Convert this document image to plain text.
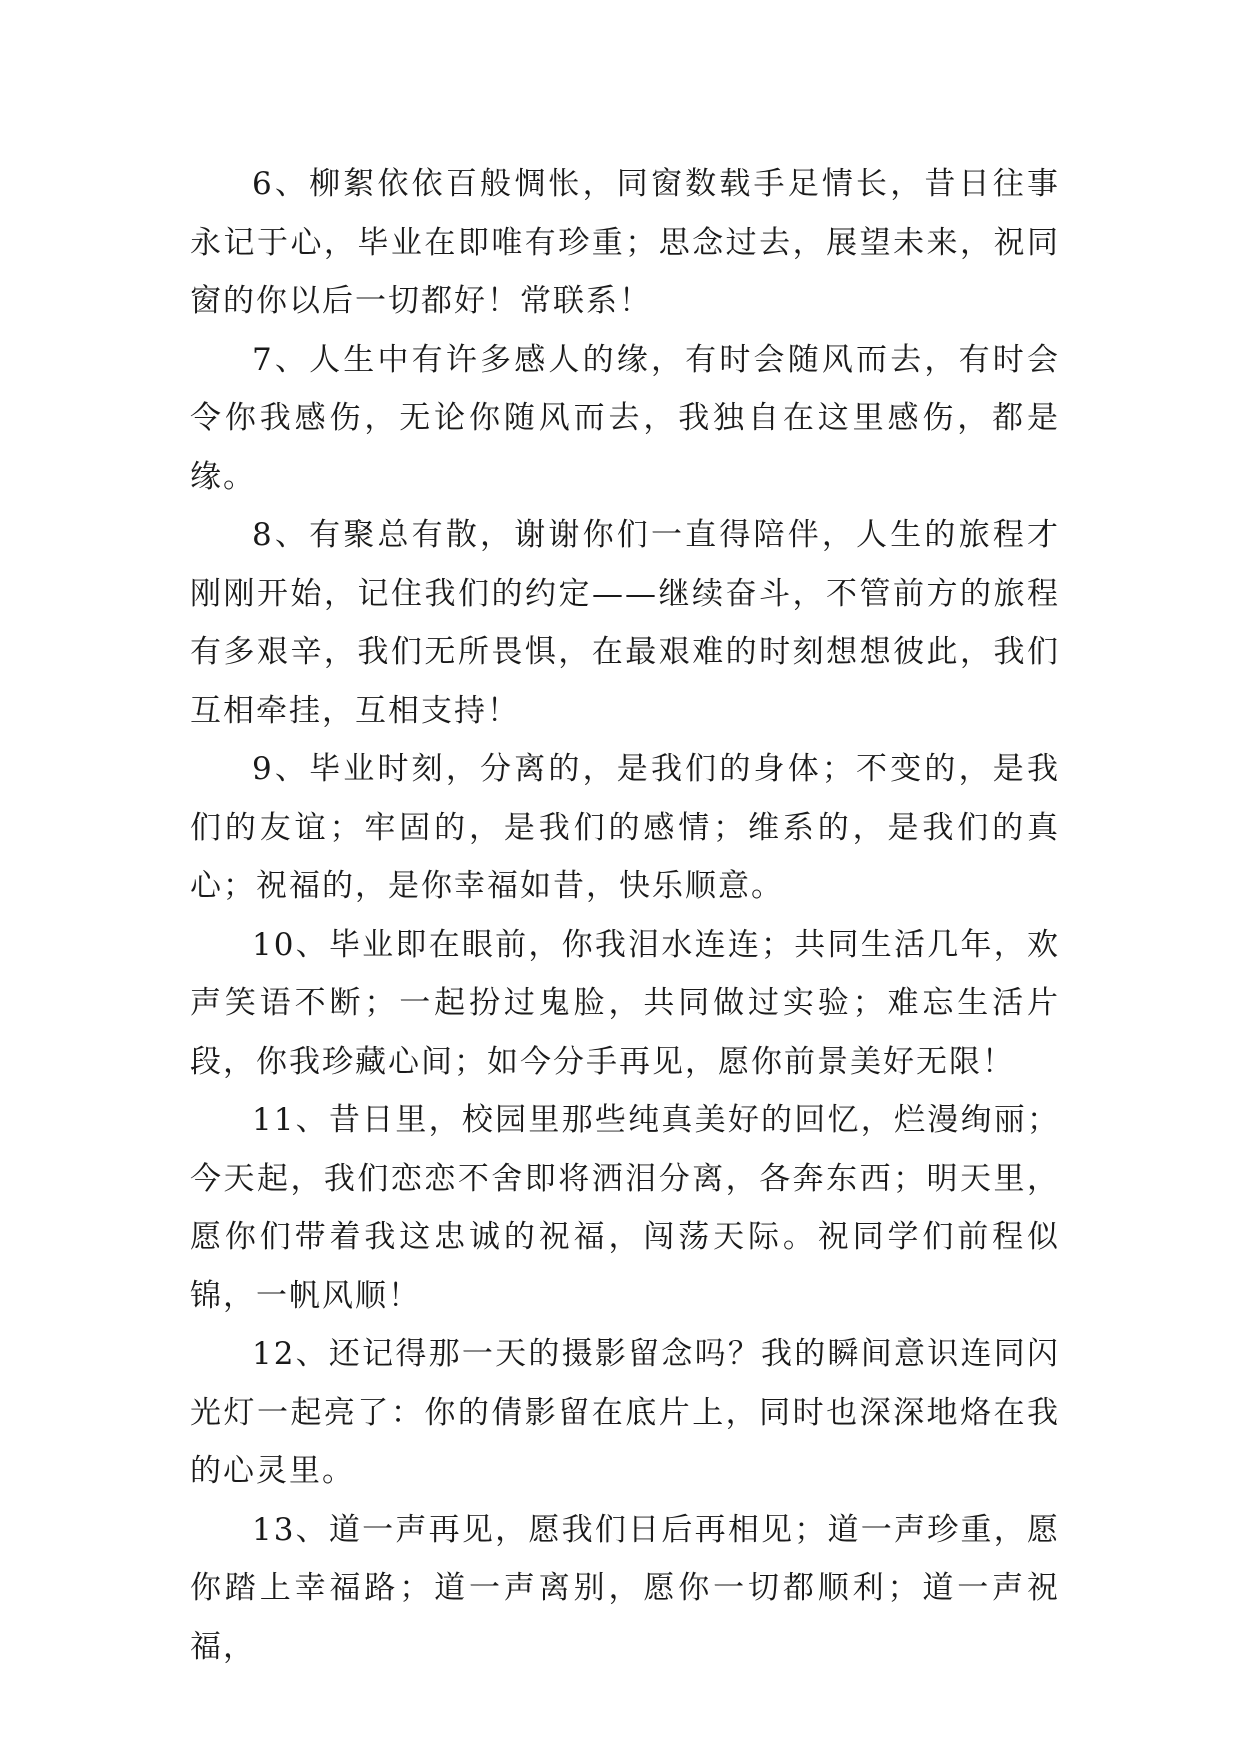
6、柳絮依依百般惆怅，同窗数载手足情长，昔日往事永记于心，毕业在即唯有珍重；思念过去，展望未来，祝同窗的你以后一切都好！常联系！

7、人生中有许多感人的缘，有时会随风而去，有时会令你我感伤，无论你随风而去，我独自在这里感伤，都是缘。

8、有聚总有散，谢谢你们一直得陪伴，人生的旅程才刚刚开始，记住我们的约定——继续奋斗，不管前方的旅程有多艰辛，我们无所畏惧，在最艰难的时刻想想彼此，我们互相牵挂，互相支持！

9、毕业时刻，分离的，是我们的身体；不变的，是我们的友谊；牢固的，是我们的感情；维系的，是我们的真心；祝福的，是你幸福如昔，快乐顺意。

10、毕业即在眼前，你我泪水连连；共同生活几年，欢声笑语不断；一起扮过鬼脸，共同做过实验；难忘生活片段，你我珍藏心间；如今分手再见，愿你前景美好无限！

11、昔日里，校园里那些纯真美好的回忆，烂漫绚丽；今天起，我们恋恋不舍即将洒泪分离，各奔东西；明天里，愿你们带着我这忠诚的祝福，闯荡天际。祝同学们前程似锦，一帆风顺！

12、还记得那一天的摄影留念吗？我的瞬间意识连同闪光灯一起亮了：你的倩影留在底片上，同时也深深地烙在我的心灵里。

13、道一声再见，愿我们日后再相见；道一声珍重，愿你踏上幸福路；道一声离别，愿你一切都顺利；道一声祝福，
